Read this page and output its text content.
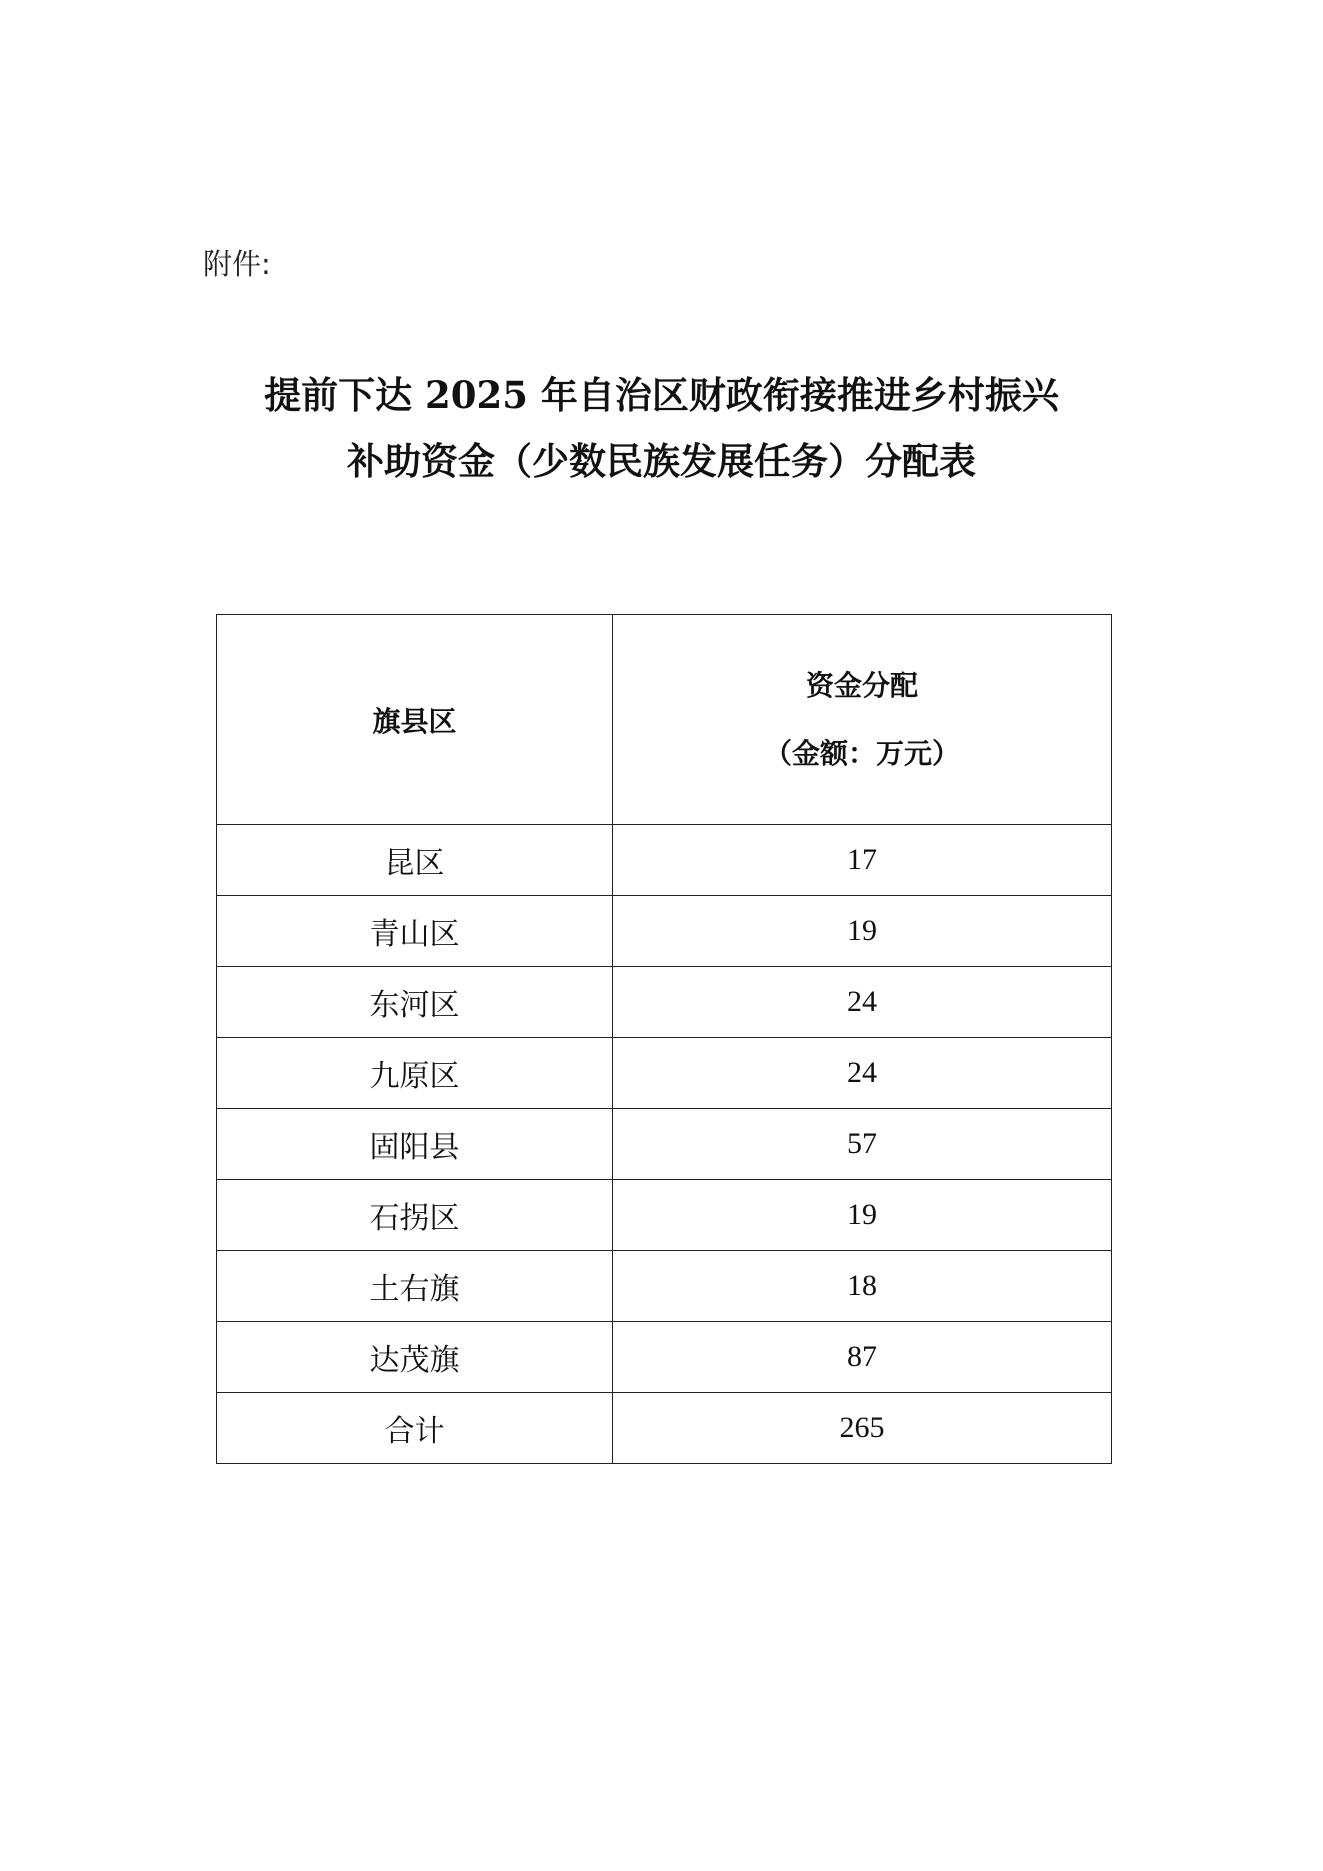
附件:
提前下达 2025 年自治区财政衔接推进乡村振兴
补助资金（少数民族发展任务）分配表
旗县区	资金分配
（金额：万元）

昆区	17
青山区	19
东河区	24
九原区	24
固阳县	57
石拐区	19
土右旗	18
达茂旗	87
合计	265
